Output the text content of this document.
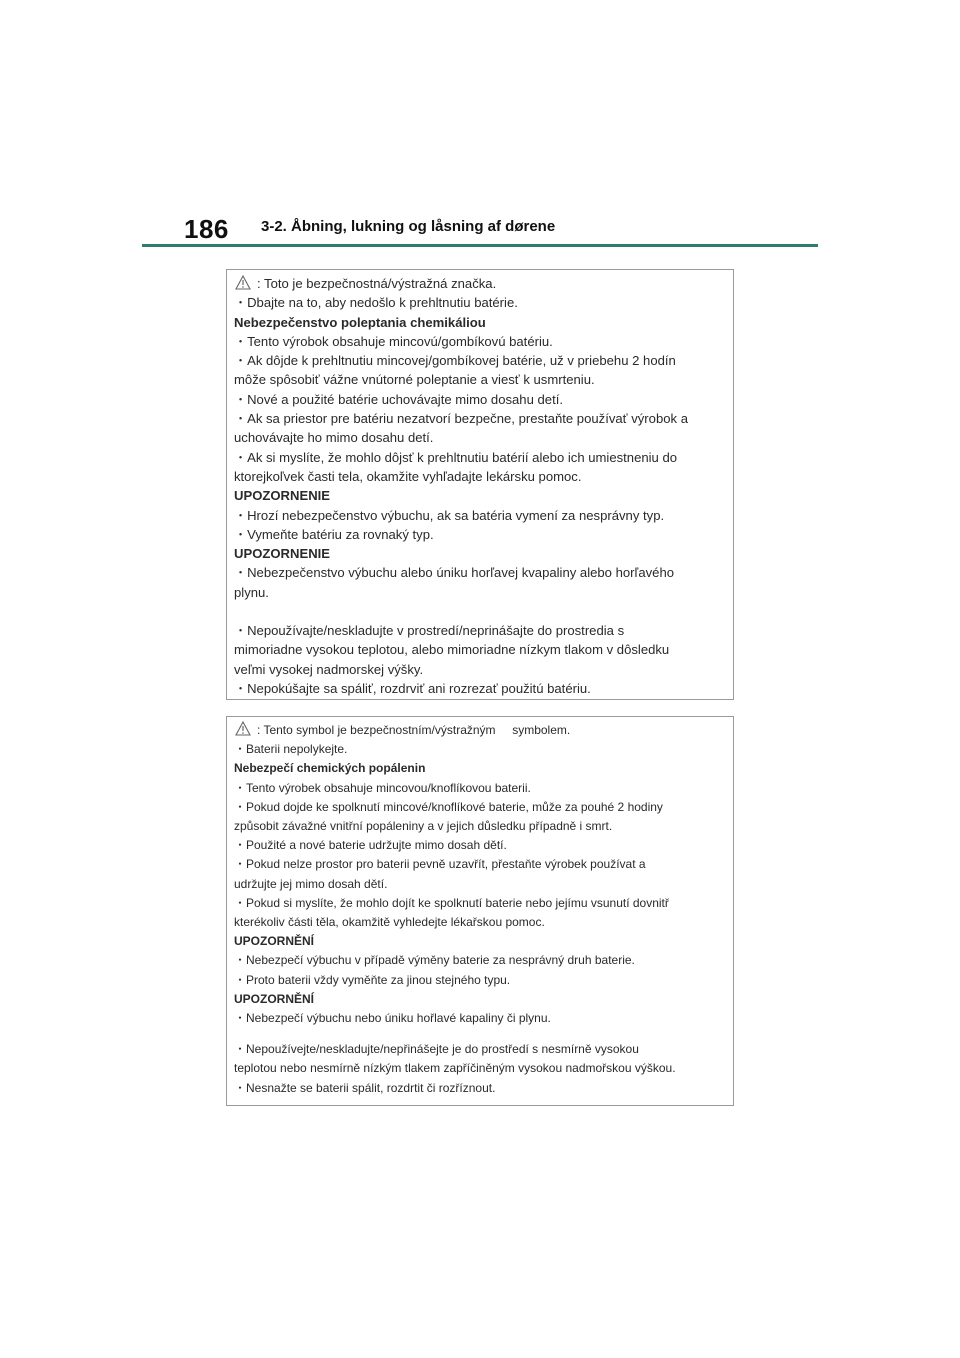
186 3-2. Åbning, lukning og låsning af dørene
: Toto je bezpečnostná/výstražná značka.
・Dbajte na to, aby nedošlo k prehltnutiu batérie.
Nebezpečenstvo poleptania chemikáliou
・Tento výrobok obsahuje mincovú/gombíkovú batériu.
・Ak dôjde k prehltnutiu mincovej/gombíkovej batérie, už v priebehu 2 hodín
môže spôsobiť vážne vnútorné poleptanie a viesť k usmrteniu.
・Nové a použité batérie uchovávajte mimo dosahu detí.
・Ak sa priestor pre batériu nezatvorí bezpečne, prestaňte používať výrobok a
uchovávajte ho mimo dosahu detí.
・Ak si myslíte, že mohlo dôjsť k prehltnutiu batérií alebo ich umiestneniu do
ktorejkoľvek časti tela, okamžite vyhľadajte lekársku pomoc.
UPOZORNENIE
・Hrozí nebezpečenstvo výbuchu, ak sa batéria vymení za nesprávny typ.
・Vymeňte batériu za rovnaký typ.
UPOZORNENIE
・Nebezpečenstvo výbuchu alebo úniku horľavej kvapaliny alebo horľavého
plynu.
・Nepoužívajte/neskladujte v prostredí/neprinášajte do prostredia s
mimoriadne vysokou teplotou, alebo mimoriadne nízkym tlakom v dôsledku
veľmi vysokej nadmorskej výšky.
・Nepokúšajte sa spáliť, rozdrviť ani rozrezať použitú batériu.
: Tento symbol je bezpečnostním/výstražným     symbolem.
・Baterii nepolykejte.
Nebezpečí chemických popálenin
・Tento výrobek obsahuje mincovou/knoflíkovou baterii.
・Pokud dojde ke spolknutí mincové/knoflíkové baterie, může za pouhé 2 hodiny
způsobit závažné vnitřní popáleniny a v jejich důsledku případně i smrt.
・Použité a nové baterie udržujte mimo dosah dětí.
・Pokud nelze prostor pro baterii pevně uzavřít, přestaňte výrobek používat a
udržujte jej mimo dosah dětí.
・Pokud si myslíte, že mohlo dojít ke spolknutí baterie nebo jejímu vsunutí dovnitř
kterékoliv části těla, okamžitě vyhledejte lékařskou pomoc.
UPOZORNĚNÍ
・Nebezpečí výbuchu v případě výměny baterie za nesprávný druh baterie.
・Proto baterii vždy vyměňte za jinou stejného typu.
UPOZORNĚNÍ
・Nebezpečí výbuchu nebo úniku hořlavé kapaliny či plynu.
・Nepoužívejte/neskladujte/nepřinášejte je do prostředí s nesmírně vysokou
teplotou nebo nesmírně nízkým tlakem zapříčiněným vysokou nadmořskou výškou.
・Nesnažte se baterii spálit, rozdrtit či rozříznout.
